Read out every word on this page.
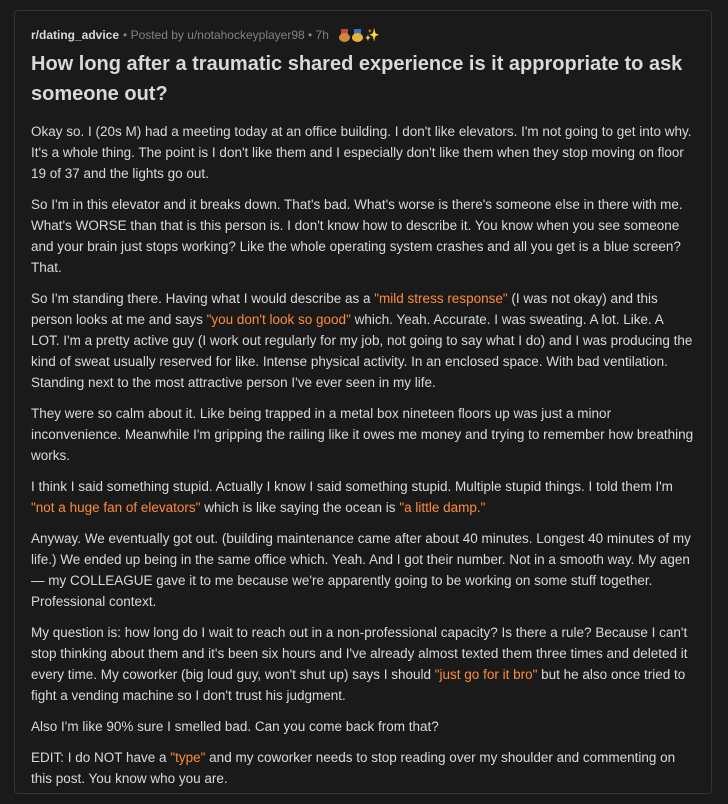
r/dating_advice • Posted by u/notahockeyplayer98 • 7h	✨
How long after a traumatic shared experience is it appropriate to ask someone out?

Okay so. I (20s M) had a meeting today at an office building. I don't like elevators. I'm not going to get into why. It's a whole thing. The point is I don't like them and I especially don't like them when they stop moving on floor 19 of 37 and the lights go out.

So I'm in this elevator and it breaks down. That's bad. What's worse is there's someone else in there with me. What's WORSE than that is this person is. I don't know how to describe it. You know when you see someone and your brain just stops working? Like the whole operating system crashes and all you get is a blue screen? That.

So I'm standing there. Having what I would describe as a "mild stress response" (I was not okay) and this person looks at me and says "you don't look so good" which. Yeah. Accurate. I was sweating. A lot. Like. A LOT. I'm a pretty active guy (I work out regularly for my job, not going to say what I do) and I was producing the kind of sweat usually reserved for like. Intense physical activity. In an enclosed space. With bad ventilation. Standing next to the most attractive person I've ever seen in my life.

They were so calm about it. Like being trapped in a metal box nineteen floors up was just a minor inconvenience. Meanwhile I'm gripping the railing like it owes me money and trying to remember how breathing works.

I think I said something stupid. Actually I know I said something stupid. Multiple stupid things. I told them I'm "not a huge fan of elevators" which is like saying the ocean is "a little damp."

Anyway. We eventually got out. (building maintenance came after about 40 minutes. Longest 40 minutes of my life.) We ended up being in the same office which. Yeah. And I got their number. Not in a smooth way. My agen— my COLLEAGUE gave it to me because we're apparently going to be working on some stuff together. Professional context.

My question is: how long do I wait to reach out in a non-professional capacity? Is there a rule? Because I can't stop thinking about them and it's been six hours and I've already almost texted them three times and deleted it every time. My coworker (big loud guy, won't shut up) says I should "just go for it bro" but he also once tried to fight a vending machine so I don't trust his judgment.

Also I'm like 90% sure I smelled bad. Can you come back from that?

EDIT: I do NOT have a "type" and my coworker needs to stop reading over my shoulder and commenting on this post. You know who you are.
